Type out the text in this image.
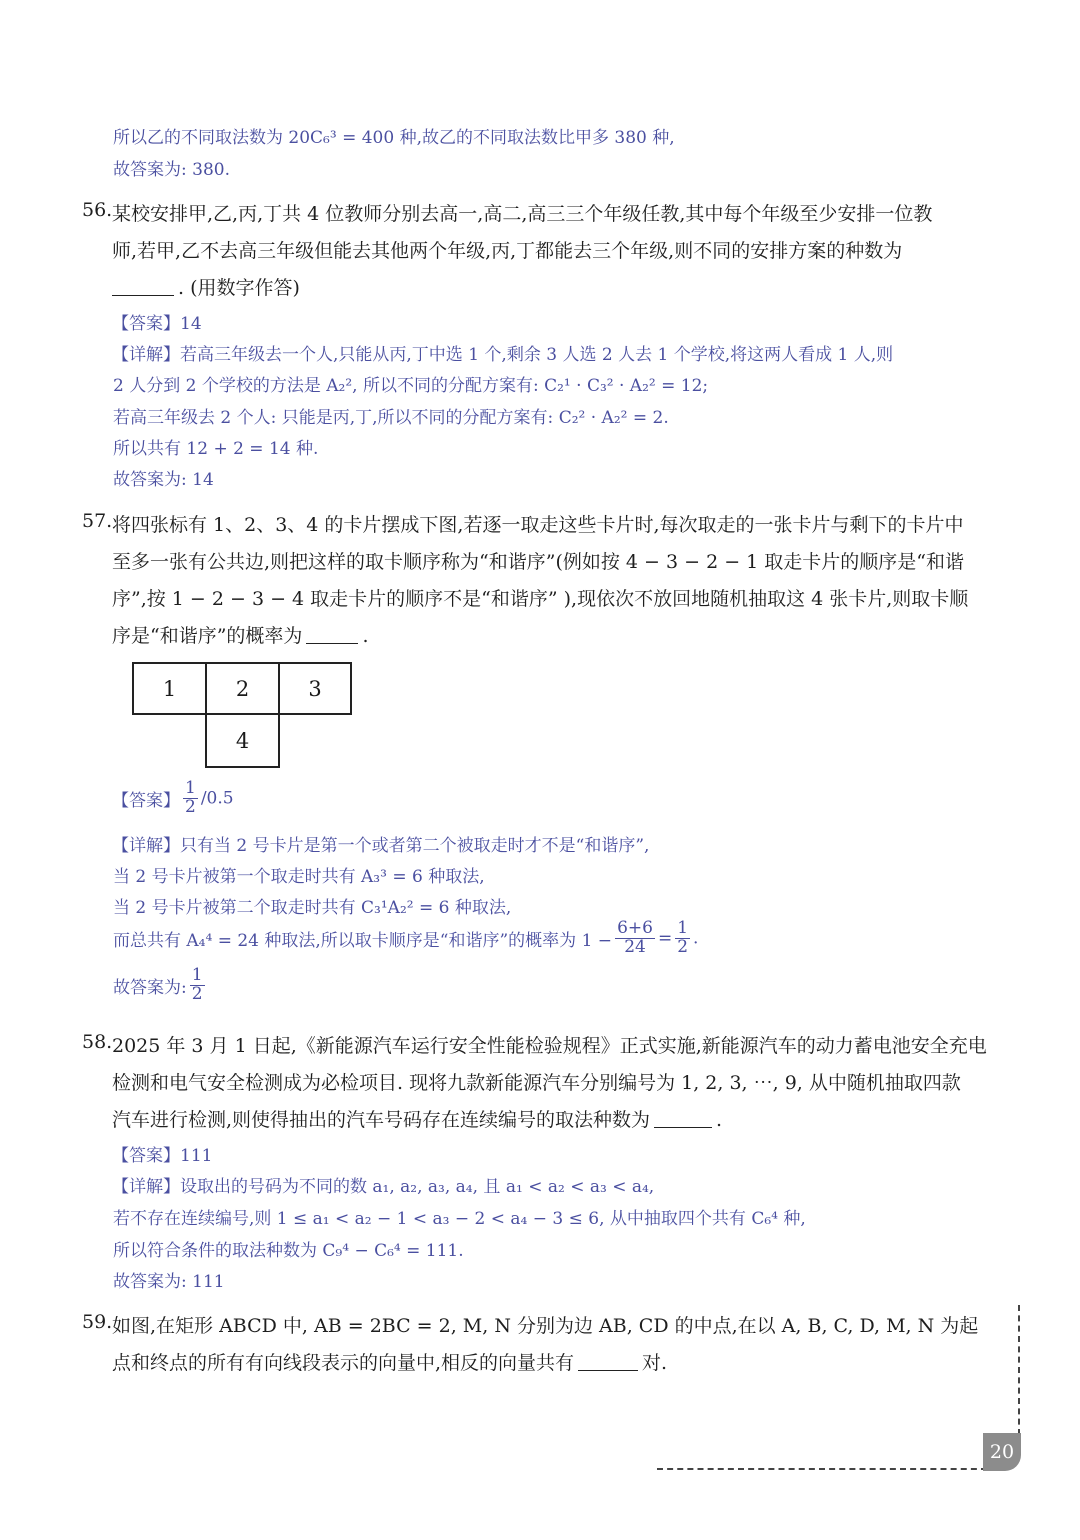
所以乙的不同取法数为 20C₆³ = 400 种,故乙的不同取法数比甲多 380 种,
故答案为: 380.
56. 某校安排甲,乙,丙,丁共 4 位教师分别去高一,高二,高三三个年级任教,其中每个年级至少安排一位教
师,若甲,乙不去高三年级但能去其他两个年级,丙,丁都能去三个年级,则不同的安排方案的种数为
. (用数字作答)
【答案】14
【详解】若高三年级去一个人,只能从丙,丁中选 1 个,剩余 3 人选 2 人去 1 个学校,将这两人看成 1 人,则
2 人分到 2 个学校的方法是 A₂², 所以不同的分配方案有: C₂¹ · C₃² · A₂² = 12;
若高三年级去 2 个人: 只能是丙,丁,所以不同的分配方案有: C₂² · A₂² = 2.
所以共有 12 + 2 = 14 种.
故答案为: 14
57. 将四张标有 1、2、3、4 的卡片摆成下图,若逐一取走这些卡片时,每次取走的一张卡片与剩下的卡片中
至多一张有公共边,则把这样的取卡顺序称为“和谐序”(例如按 4 − 3 − 2 − 1 取走卡片的顺序是“和谐
序”,按 1 − 2 − 3 − 4 取走卡片的顺序不是“和谐序” ),现依次不放回地随机抽取这 4 张卡片,则取卡顺
序是“和谐序”的概率为	.
1	2	3
4
【答案】 $\frac{1}{2} /0.5$
【详解】只有当 2 号卡片是第一个或者第二个被取走时才不是“和谐序”,
当 2 号卡片被第一个取走时共有 A₃³ = 6 种取法,
当 2 号卡片被第二个取走时共有 C₃¹A₂² = 6 种取法,
而总共有 A₄⁴ = 24 种取法,所以取卡顺序是“和谐序”的概率为 $1 - \frac{6+6}{24} = \frac{1}{2}$ .
故答案为: $\frac{1}{2}$
58. 2025 年 3 月 1 日起,《新能源汽车运行安全性能检验规程》正式实施,新能源汽车的动力蓄电池安全充电
检测和电气安全检测成为必检项目. 现将九款新能源汽车分别编号为 1, 2, 3, ⋯, 9, 从中随机抽取四款
汽车进行检测,则使得抽出的汽车号码存在连续编号的取法种数为	.
【答案】111
【详解】设取出的号码为不同的数 a₁, a₂, a₃, a₄, 且 a₁ < a₂ < a₃ < a₄,
若不存在连续编号,则 1 ≤ a₁ < a₂ − 1 < a₃ − 2 < a₄ − 3 ≤ 6, 从中抽取四个共有 C₆⁴ 种,
所以符合条件的取法种数为 C₉⁴ − C₆⁴ = 111.
故答案为: 111
59. 如图,在矩形 ABCD 中, AB = 2BC = 2, M, N 分别为边 AB, CD 的中点,在以 A, B, C, D, M, N 为起
点和终点的所有有向线段表示的向量中,相反的向量共有	对.
20
